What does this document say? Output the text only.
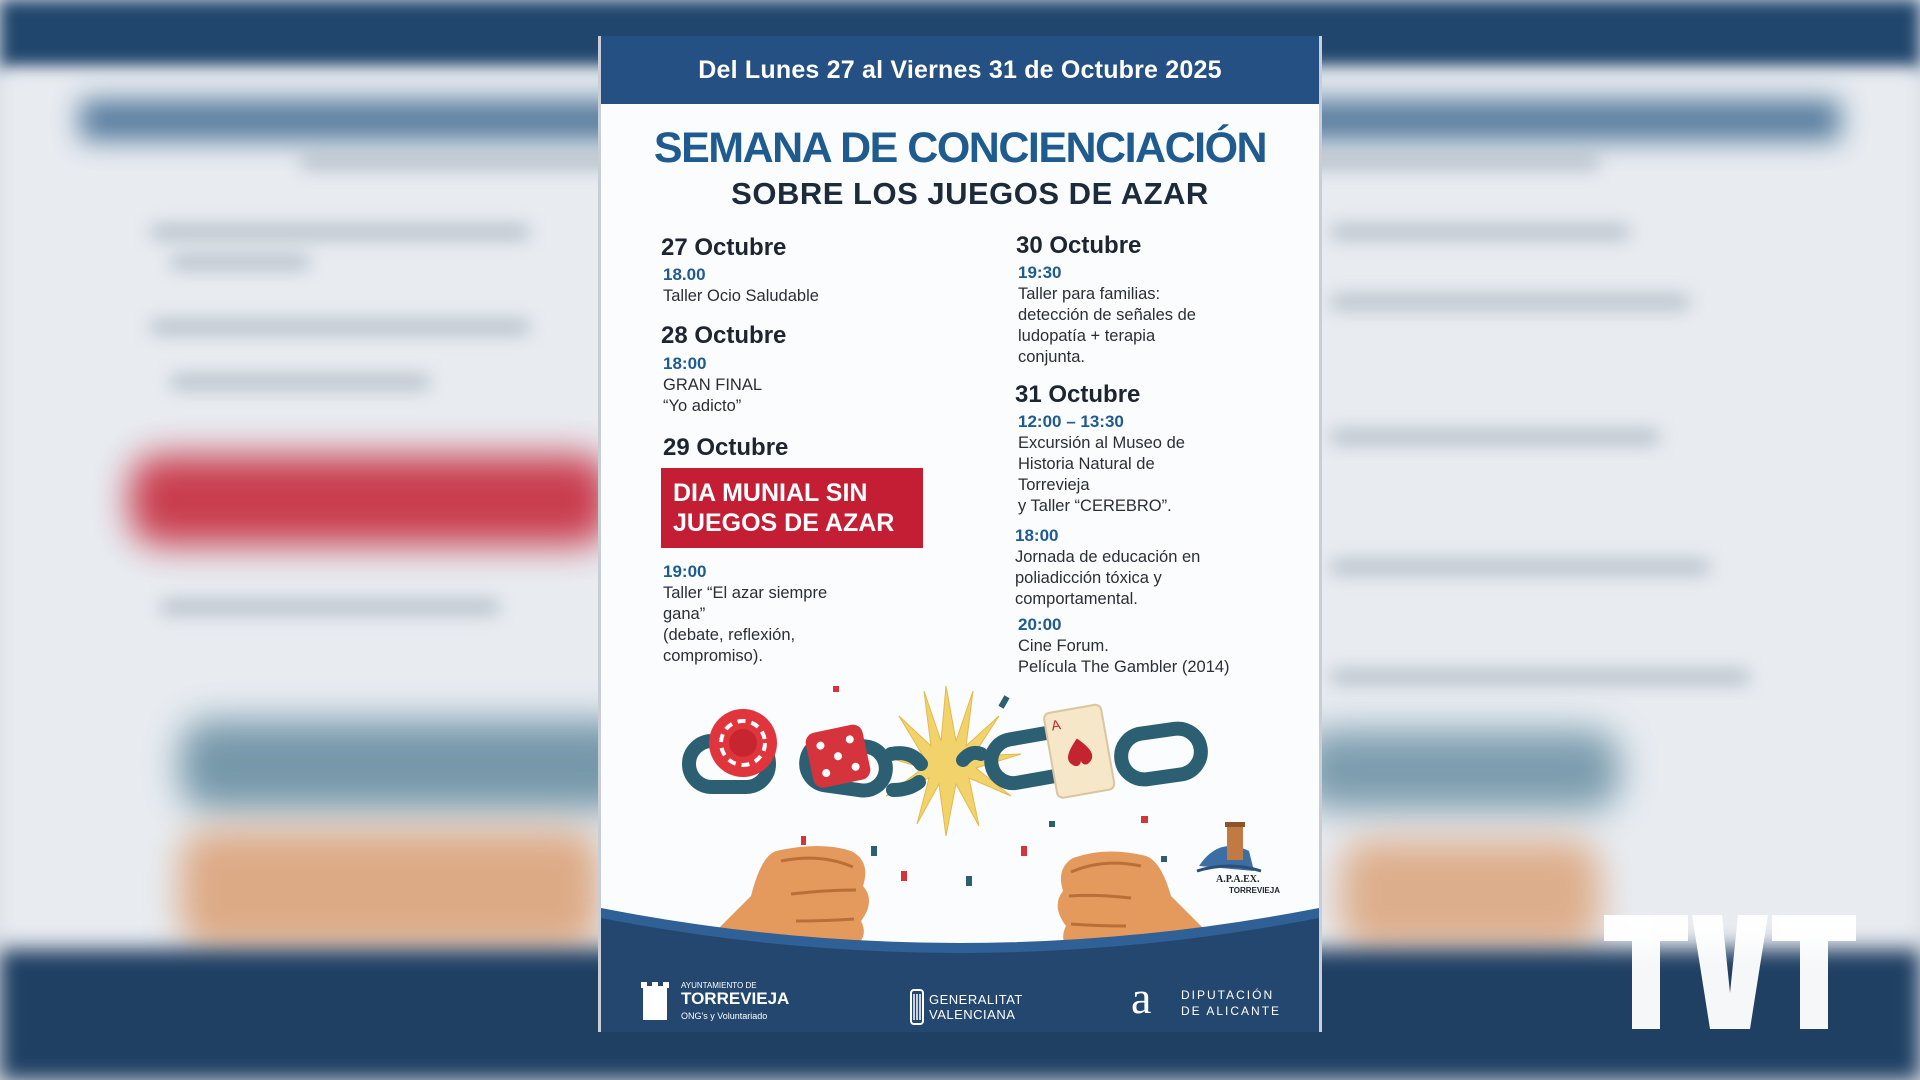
Del Lunes 27 al Viernes 31 de Octubre 2025
SEMANA DE CONCIENCIACIÓN
SOBRE LOS JUEGOS DE AZAR
27 Octubre
18.00
Taller Ocio Saludable
28 Octubre
18:00
GRAN FINAL
“Yo adicto”
29 Octubre
DIA MUNIAL SIN
JUEGOS DE AZAR
19:00
Taller “El azar siempre
gana”
(debate, reflexión,
compromiso).
30 Octubre
19:30
Taller para familias:
detección de señales de
ludopatía + terapia
conjunta.
31 Octubre
12:00 – 13:30
Excursión al Museo de
Historia Natural de
Torrevieja
y Taller “CEREBRO”.
18:00
Jornada de educación en
poliadicción tóxica y
comportamental.
20:00
Cine Forum.
Película The Gambler (2014)
A
A.P.A.EX.
TORREVIEJA
AYUNTAMIENTO DE
TORREVIEJA
ONG's y Voluntariado
GENERALITAT
VALENCIANA	a DIPUTACIÓN
DE ALICANTE
